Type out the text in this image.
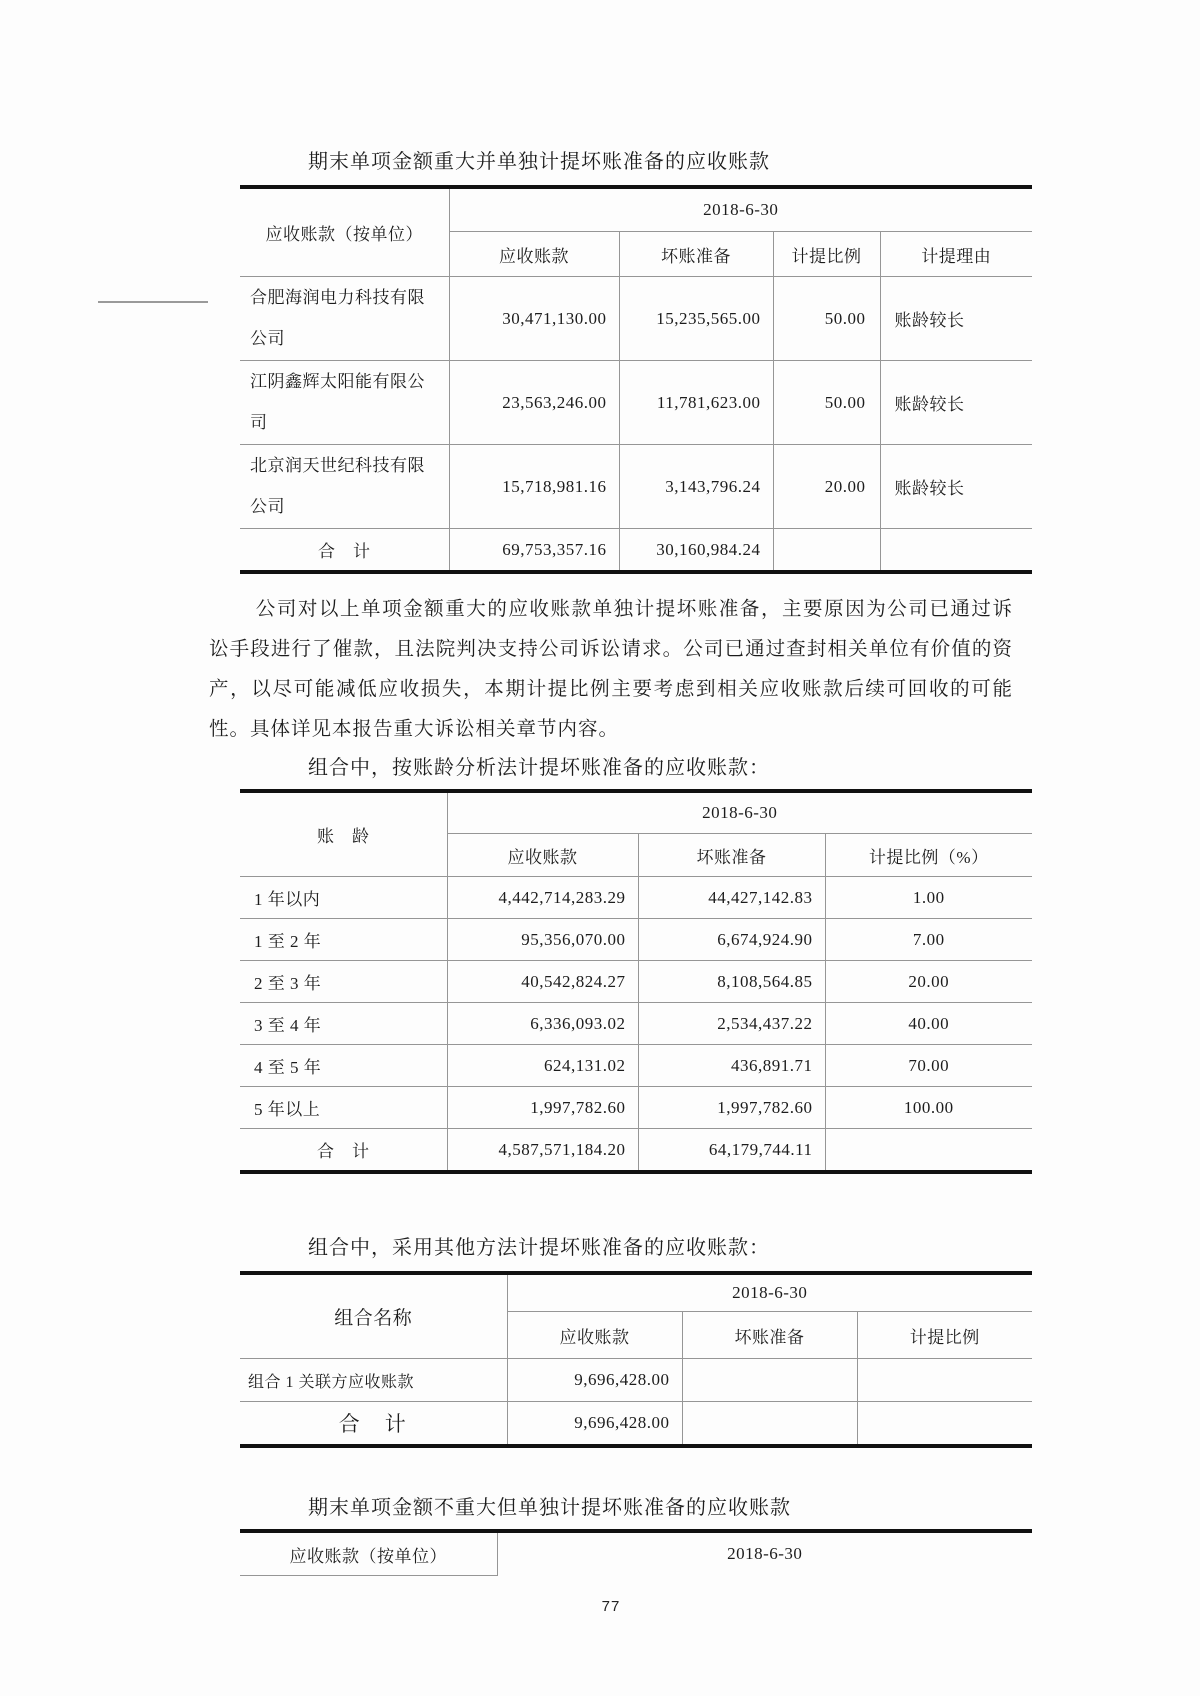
期末单项金额重大并单独计提坏账准备的应收账款
应收账款（按单位）	2018-6-30			
	应收账款	坏账准备	计提比例	计提理由
合肥海润电力科技有限公司	30,471,130.00	15,235,565.00	50.00	账龄较长
江阴鑫辉太阳能有限公司	23,563,246.00	11,781,623.00	50.00	账龄较长
北京润天世纪科技有限公司	15,718,981.16	3,143,796.24	20.00	账龄较长
合　计	69,753,357.16	30,160,984.24		

公司对以上单项金额重大的应收账款单独计提坏账准备，主要原因为公司已通过诉讼手段进行了催款，且法院判决支持公司诉讼请求。公司已通过查封相关单位有价值的资产，以尽可能减低应收损失，本期计提比例主要考虑到相关应收账款后续可回收的可能性。具体详见本报告重大诉讼相关章节内容。

组合中，按账龄分析法计提坏账准备的应收账款：
账　龄	2018-6-30		
	应收账款	坏账准备	计提比例（%）
1 年以内	4,442,714,283.29	44,427,142.83	1.00
1 至 2 年	95,356,070.00	6,674,924.90	7.00
2 至 3 年	40,542,824.27	8,108,564.85	20.00
3 至 4 年	6,336,093.02	2,534,437.22	40.00
4 至 5 年	624,131.02	436,891.71	70.00
5 年以上	1,997,782.60	1,997,782.60	100.00
合　计	4,587,571,184.20	64,179,744.11	
组合中，采用其他方法计提坏账准备的应收账款：
组合名称	2018-6-30		
	应收账款	坏账准备	计提比例
组合 1 关联方应收账款	9,696,428.00		
合　计	9,696,428.00		
期末单项金额不重大但单独计提坏账准备的应收账款
应收账款（按单位）	2018-6-30
77
